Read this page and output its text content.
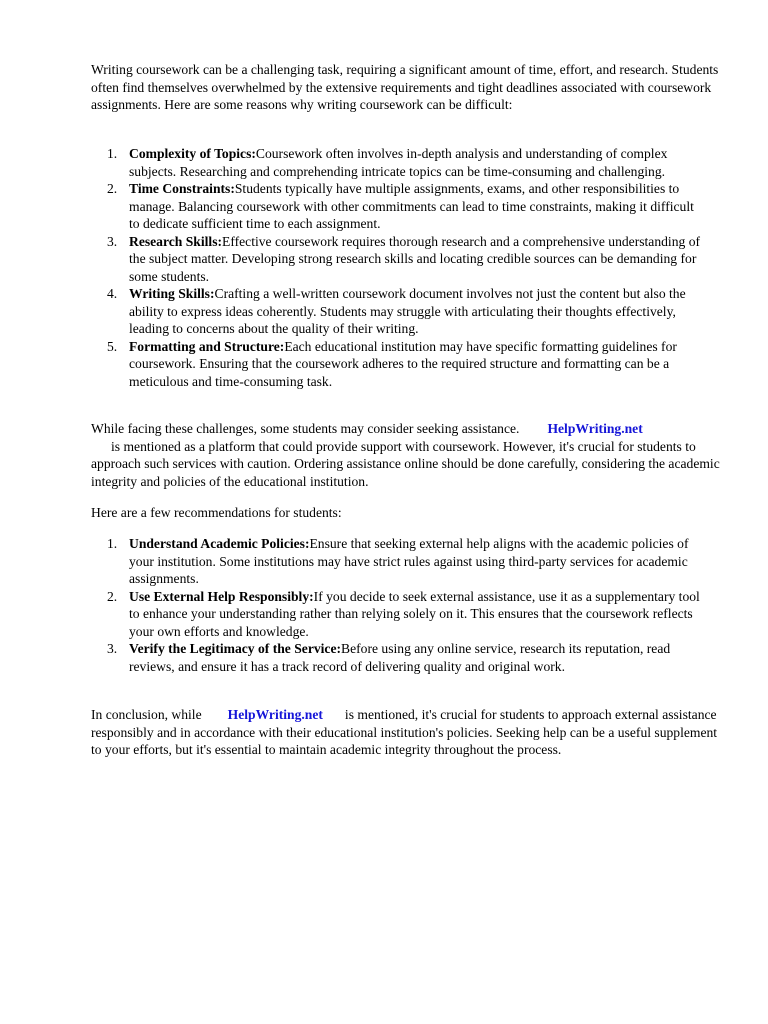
Writing coursework can be a challenging task, requiring a significant amount of time, effort, and research. Students often find themselves overwhelmed by the extensive requirements and tight deadlines associated with coursework assignments. Here are some reasons why writing coursework can be difficult:

1. Complexity of Topics:Coursework often involves in-depth analysis and understanding of complex subjects. Researching and comprehending intricate topics can be time-consuming and challenging.
2. Time Constraints:Students typically have multiple assignments, exams, and other responsibilities to manage. Balancing coursework with other commitments can lead to time constraints, making it difficult to dedicate sufficient time to each assignment.
3. Research Skills:Effective coursework requires thorough research and a comprehensive understanding of the subject matter. Developing strong research skills and locating credible sources can be demanding for some students.
4. Writing Skills:Crafting a well-written coursework document involves not just the content but also the ability to express ideas coherently. Students may struggle with articulating their thoughts effectively, leading to concerns about the quality of their writing.
5. Formatting and Structure:Each educational institution may have specific formatting guidelines for coursework. Ensuring that the coursework adheres to the required structure and formatting can be a meticulous and time-consuming task.

While facing these challenges, some students may consider seeking assistance. HelpWriting.net
is mentioned as a platform that could provide support with coursework. However, it's crucial for students to approach such services with caution. Ordering assistance online should be done carefully, considering the academic integrity and policies of the educational institution.

Here are a few recommendations for students:

1. Understand Academic Policies:Ensure that seeking external help aligns with the academic policies of your institution. Some institutions may have strict rules against using third-party services for academic assignments.
2. Use External Help Responsibly:If you decide to seek external assistance, use it as a supplementary tool to enhance your understanding rather than relying solely on it. This ensures that the coursework reflects your own efforts and knowledge.
3. Verify the Legitimacy of the Service:Before using any online service, research its reputation, read reviews, and ensure it has a track record of delivering quality and original work.

In conclusion, while HelpWriting.net is mentioned, it's crucial for students to approach external assistance responsibly and in accordance with their educational institution's policies. Seeking help can be a useful supplement to your efforts, but it's essential to maintain academic integrity throughout the process.
